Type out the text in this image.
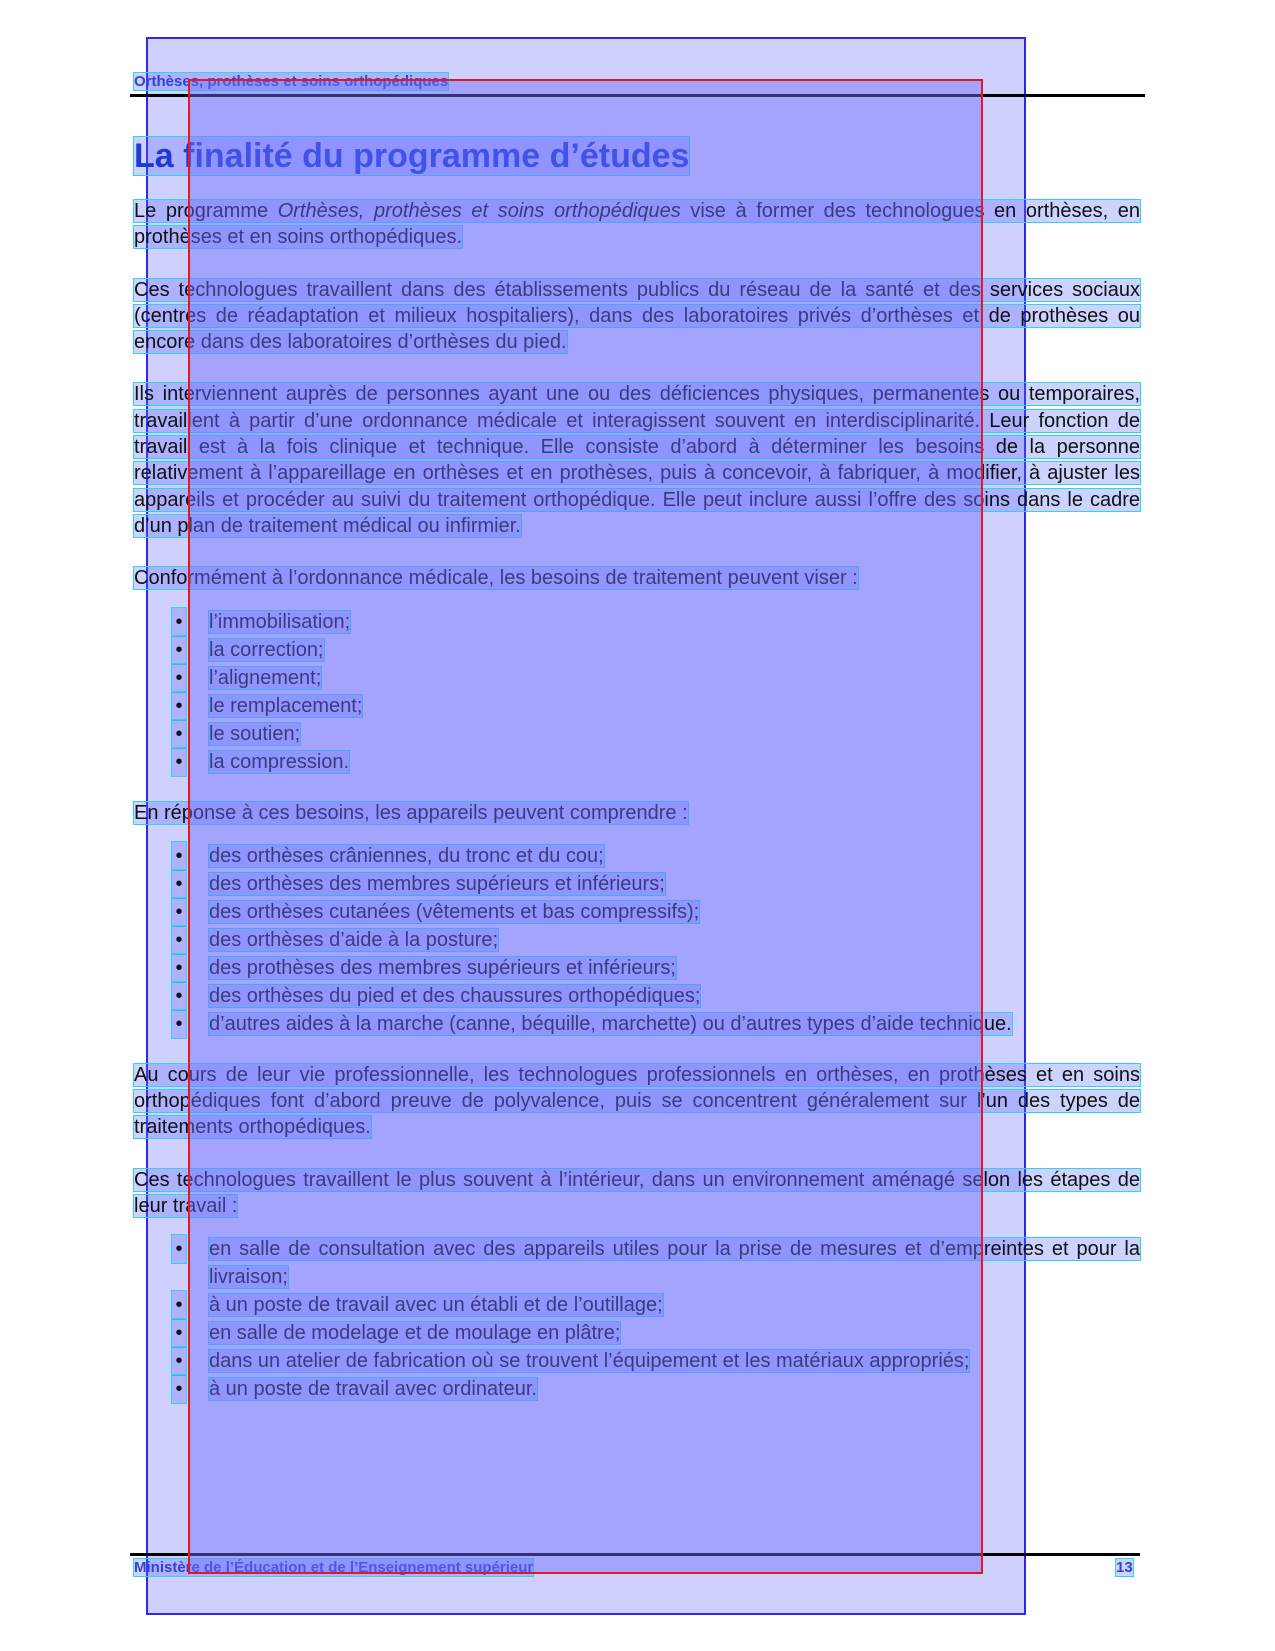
Orthèses, prothèses et soins orthopédiques
La finalité du programme d’études

Le programme Orthèses, prothèses et soins orthopédiques vise à former des technologues en orthèses, en prothèses et en soins orthopédiques.

Ces technologues travaillent dans des établissements publics du réseau de la santé et des services sociaux (centres de réadaptation et milieux hospitaliers), dans des laboratoires privés d’orthèses et de prothèses ou encore dans des laboratoires d’orthèses du pied.

Ils interviennent auprès de personnes ayant une ou des déficiences physiques, permanentes ou temporaires, travaillent à partir d’une ordonnance médicale et interagissent souvent en interdisciplinarité. Leur fonction de travail est à la fois clinique et technique. Elle consiste d’abord à déterminer les besoins de la personne relativement à l’appareillage en orthèses et en prothèses, puis à concevoir, à fabriquer, à modifier, à ajuster les appareils et procéder au suivi du traitement orthopédique. Elle peut inclure aussi l’offre des soins dans le cadre d’un plan de traitement médical ou infirmier.

Conformément à l’ordonnance médicale, les besoins de traitement peuvent viser :

• l’immobilisation;
• la correction;
• l’alignement;
• le remplacement;
• le soutien;
• la compression.

En réponse à ces besoins, les appareils peuvent comprendre :

• des orthèses crâniennes, du tronc et du cou;
• des orthèses des membres supérieurs et inférieurs;
• des orthèses cutanées (vêtements et bas compressifs);
• des orthèses d’aide à la posture;
• des prothèses des membres supérieurs et inférieurs;
• des orthèses du pied et des chaussures orthopédiques;
• d’autres aides à la marche (canne, béquille, marchette) ou d’autres types d’aide technique.

Au cours de leur vie professionnelle, les technologues professionnels en orthèses, en prothèses et en soins orthopédiques font d’abord preuve de polyvalence, puis se concentrent généralement sur l’un des types de traitements orthopédiques.

Ces technologues travaillent le plus souvent à l’intérieur, dans un environnement aménagé selon les étapes de leur travail :

• en salle de consultation avec des appareils utiles pour la prise de mesures et d’empreintes et pour la livraison;
• à un poste de travail avec un établi et de l’outillage;
• en salle de modelage et de moulage en plâtre;
• dans un atelier de fabrication où se trouvent l’équipement et les matériaux appropriés;
• à un poste de travail avec ordinateur.
Ministère de l’Éducation et de l’Enseignement supérieur	13
